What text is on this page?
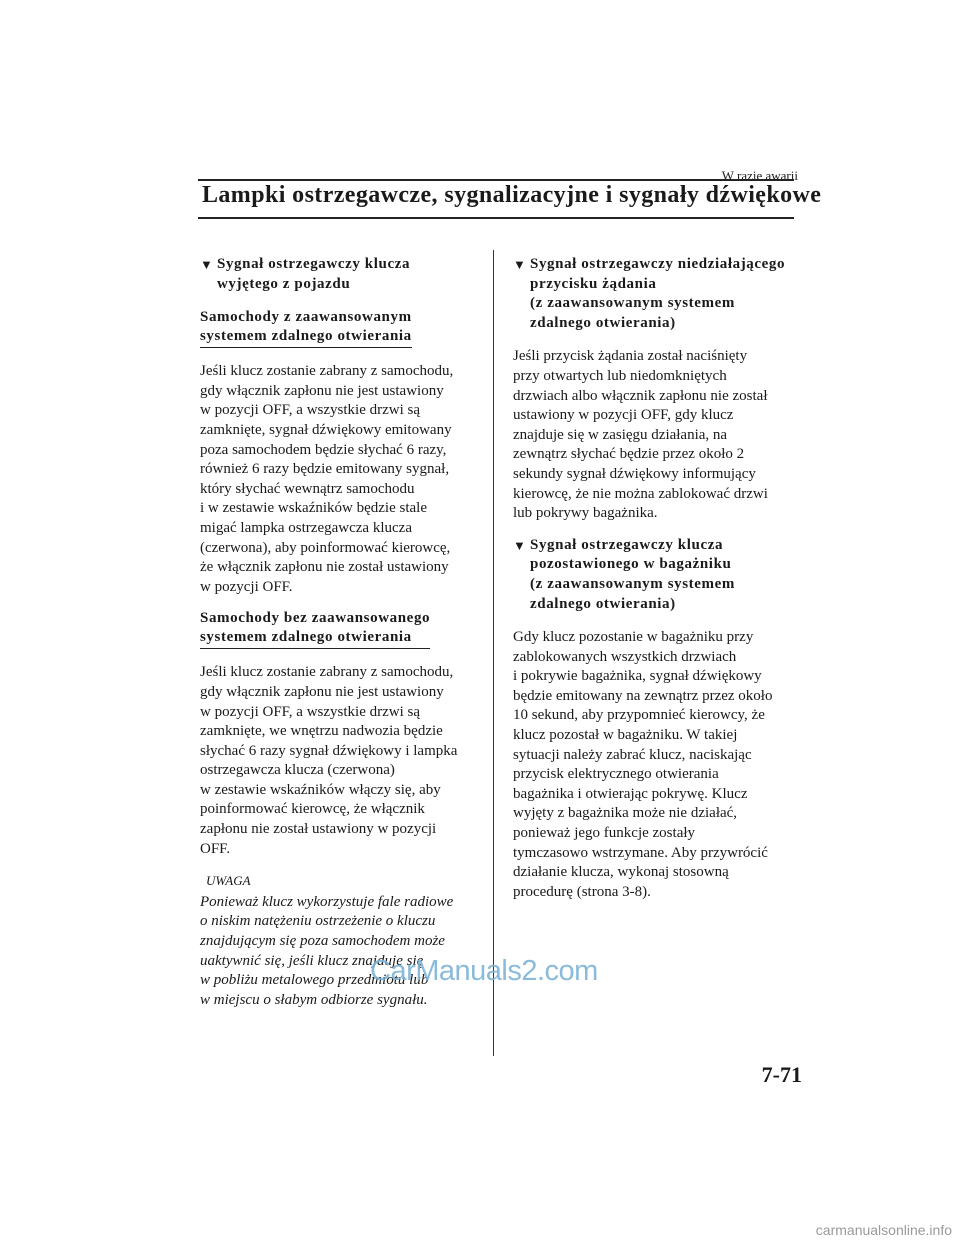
W razie awarii
Lampki ostrzegawcze, sygnalizacyjne i sygnały dźwiękowe
▼ Sygnał ostrzegawczy klucza
wyjętego z pojazdu
Samochody z zaawansowanym
systemem zdalnego otwierania
Jeśli klucz zostanie zabrany z samochodu,
gdy włącznik zapłonu nie jest ustawiony
w pozycji OFF, a wszystkie drzwi są
zamknięte, sygnał dźwiękowy emitowany
poza samochodem będzie słychać 6 razy,
również 6 razy będzie emitowany sygnał,
który słychać wewnątrz samochodu
i w zestawie wskaźników będzie stale
migać lampka ostrzegawcza klucza
(czerwona), aby poinformować kierowcę,
że włącznik zapłonu nie został ustawiony
w pozycji OFF.
Samochody bez zaawansowanego
systemem zdalnego otwierania
Jeśli klucz zostanie zabrany z samochodu,
gdy włącznik zapłonu nie jest ustawiony
w pozycji OFF, a wszystkie drzwi są
zamknięte, we wnętrzu nadwozia będzie
słychać 6 razy sygnał dźwiękowy i lampka
ostrzegawcza klucza (czerwona)
w zestawie wskaźników włączy się, aby
poinformować kierowcę, że włącznik
zapłonu nie został ustawiony w pozycji
OFF.
UWAGA
Ponieważ klucz wykorzystuje fale radiowe
o niskim natężeniu ostrzeżenie o kluczu
znajdującym się poza samochodem może
uaktywnić się, jeśli klucz znajduje się
w pobliżu metalowego przedmiotu lub
w miejscu o słabym odbiorze sygnału.
▼ Sygnał ostrzegawczy niedziałającego
przycisku żądania
(z zaawansowanym systemem
zdalnego otwierania)
Jeśli przycisk żądania został naciśnięty
przy otwartych lub niedomkniętych
drzwiach albo włącznik zapłonu nie został
ustawiony w pozycji OFF, gdy klucz
znajduje się w zasięgu działania, na
zewnątrz słychać będzie przez około 2
sekundy sygnał dźwiękowy informujący
kierowcę, że nie można zablokować drzwi
lub pokrywy bagażnika.
▼ Sygnał ostrzegawczy klucza
pozostawionego w bagażniku
(z zaawansowanym systemem
zdalnego otwierania)
Gdy klucz pozostanie w bagażniku przy
zablokowanych wszystkich drzwiach
i pokrywie bagażnika, sygnał dźwiękowy
będzie emitowany na zewnątrz przez około
10 sekund, aby przypomnieć kierowcy, że
klucz pozostał w bagażniku. W takiej
sytuacji należy zabrać klucz, naciskając
przycisk elektrycznego otwierania
bagażnika i otwierając pokrywę. Klucz
wyjęty z bagażnika może nie działać,
ponieważ jego funkcje zostały
tymczasowo wstrzymane. Aby przywrócić
działanie klucza, wykonaj stosowną
procedurę (strona 3-8).
CarManuals2.com
7-71
carmanualsonline.info
